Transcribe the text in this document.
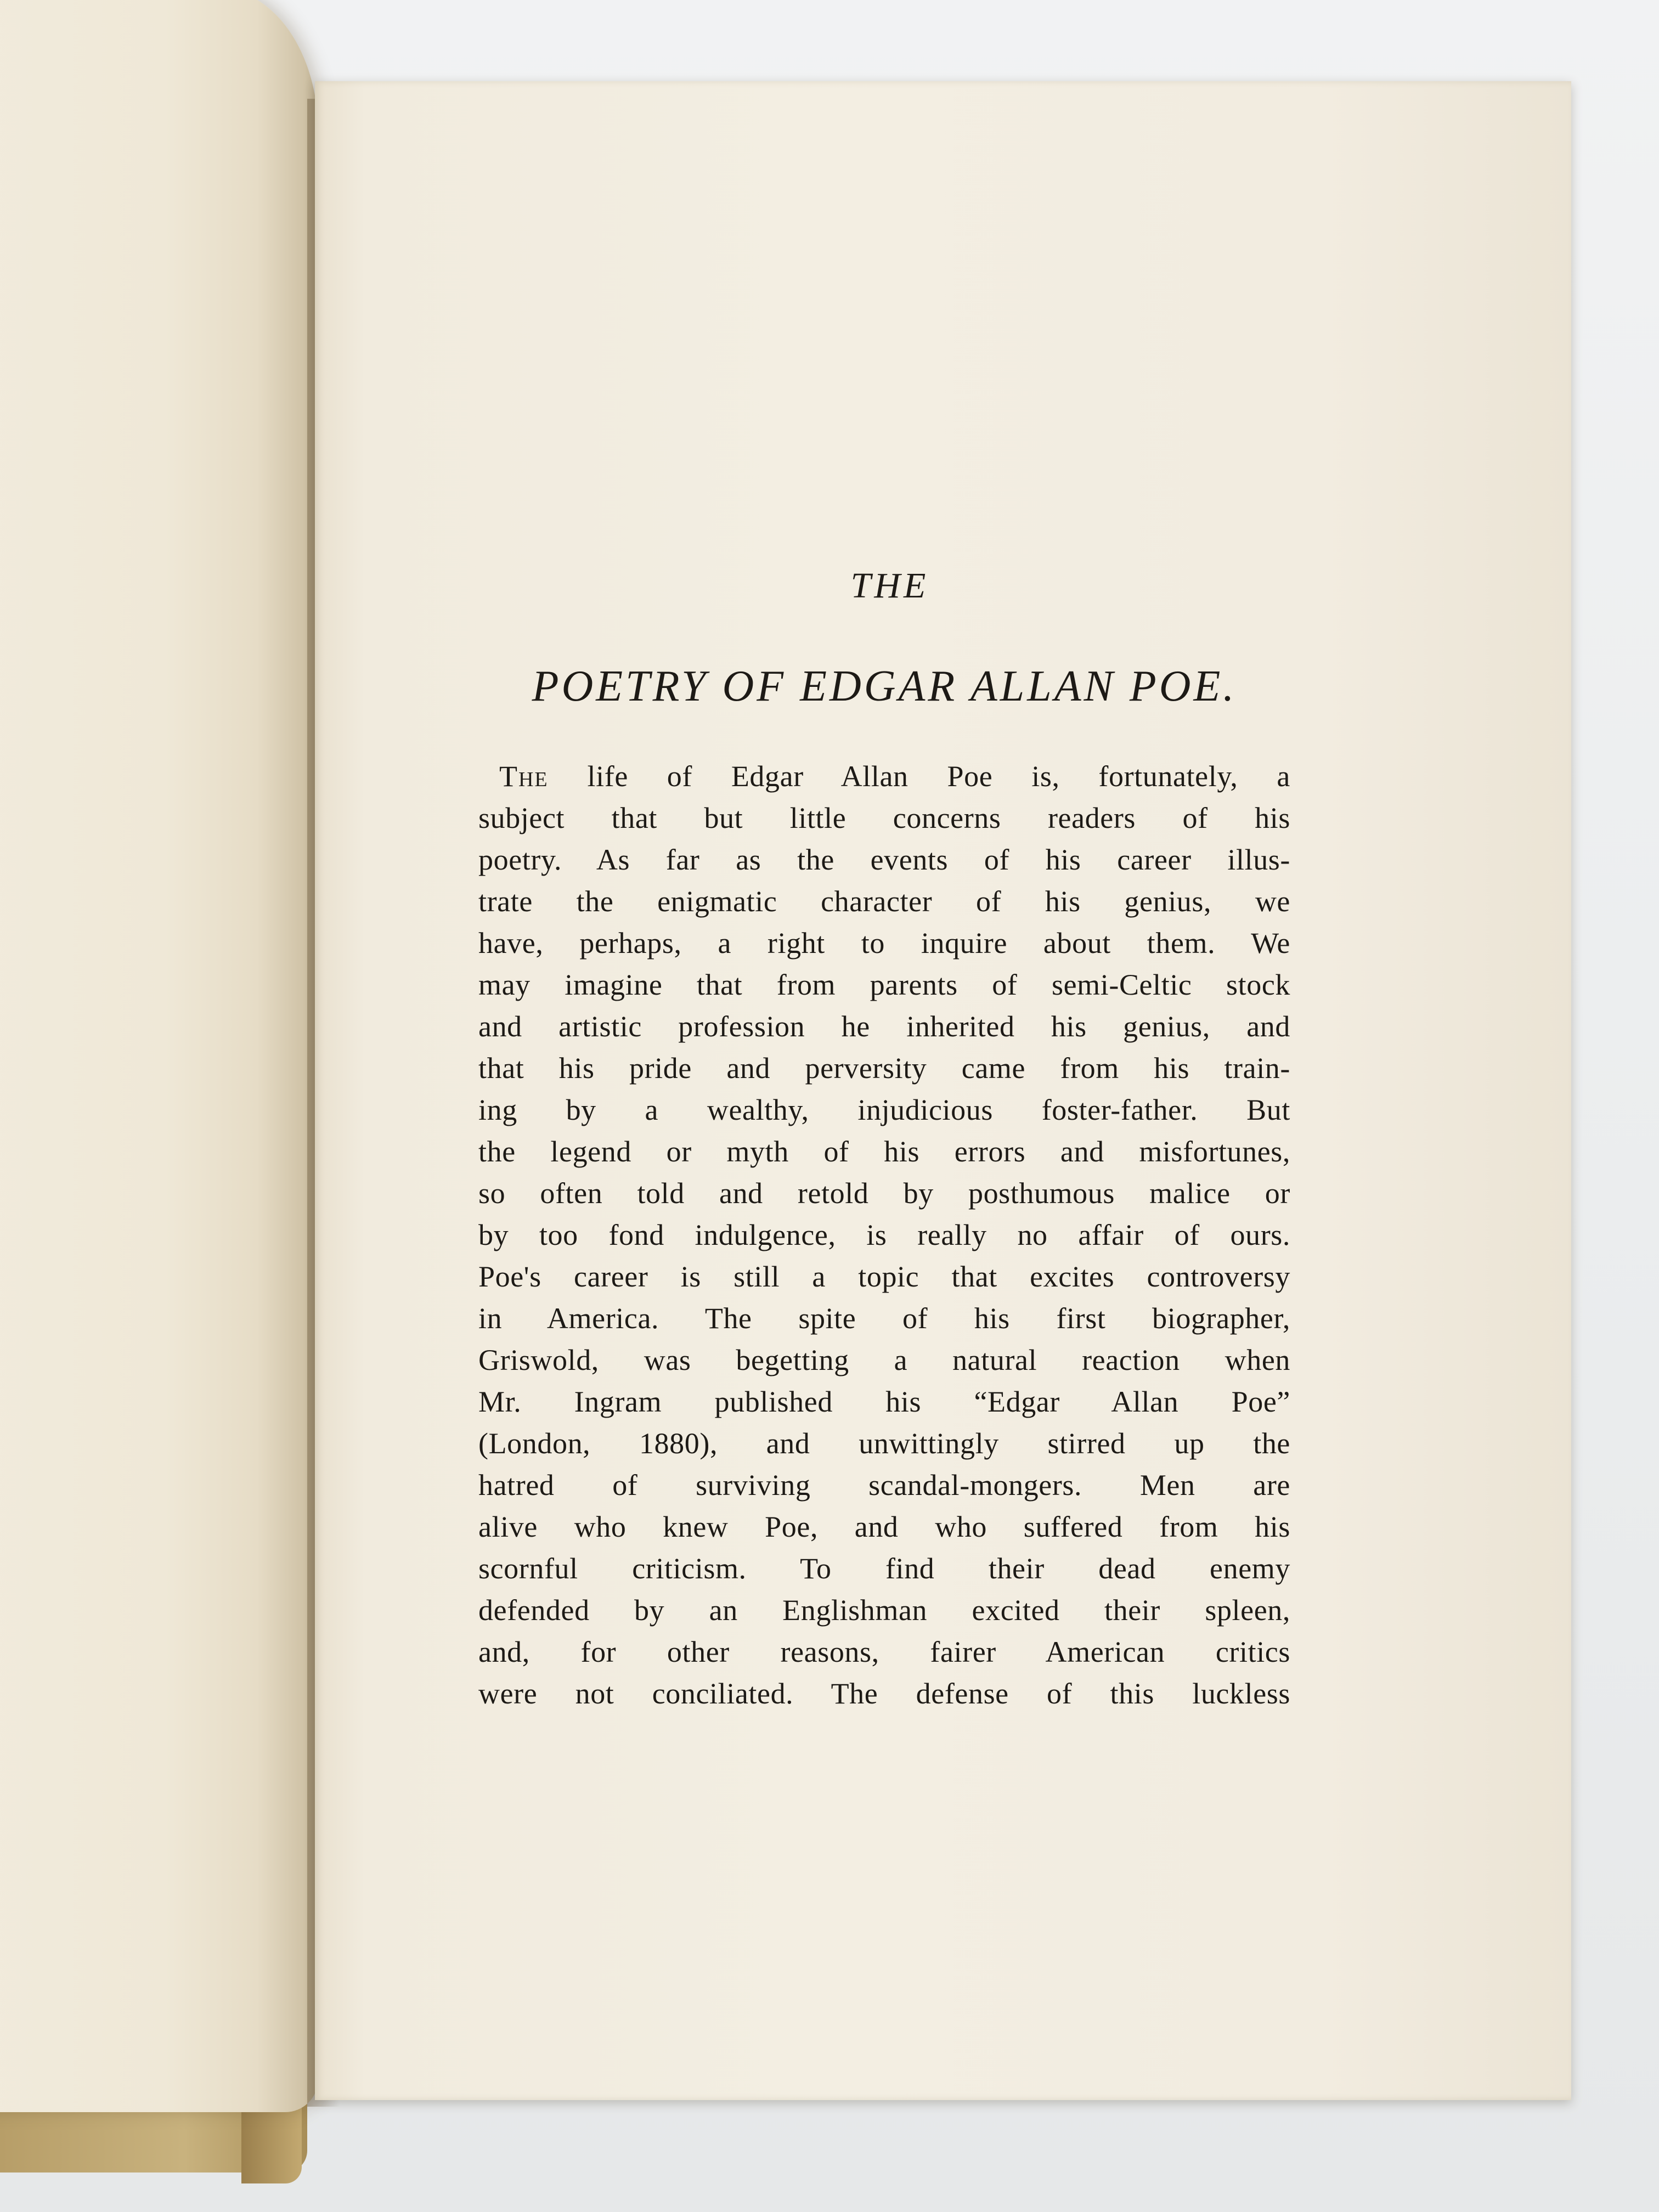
THE
POETRY OF EDGAR ALLAN POE.
The life of Edgar Allan Poe is, fortunately, a
subject that but little concerns readers of his
poetry. As far as the events of his career illus-
trate the enigmatic character of his genius, we
have, perhaps, a right to inquire about them. We
may imagine that from parents of semi-Celtic stock
and artistic profession he inherited his genius, and
that his pride and perversity came from his train-
ing by a wealthy, injudicious foster-father. But
the legend or myth of his errors and misfortunes,
so often told and retold by posthumous malice or
by too fond indulgence, is really no affair of ours.
Poe's career is still a topic that excites controversy
in America. The spite of his first biographer,
Griswold, was begetting a natural reaction when
Mr. Ingram published his “Edgar Allan Poe”
(London, 1880), and unwittingly stirred up the
hatred of surviving scandal-mongers. Men are
alive who knew Poe, and who suffered from his
scornful criticism. To find their dead enemy
defended by an Englishman excited their spleen,
and, for other reasons, fairer American critics
were not conciliated. The defense of this luckless
